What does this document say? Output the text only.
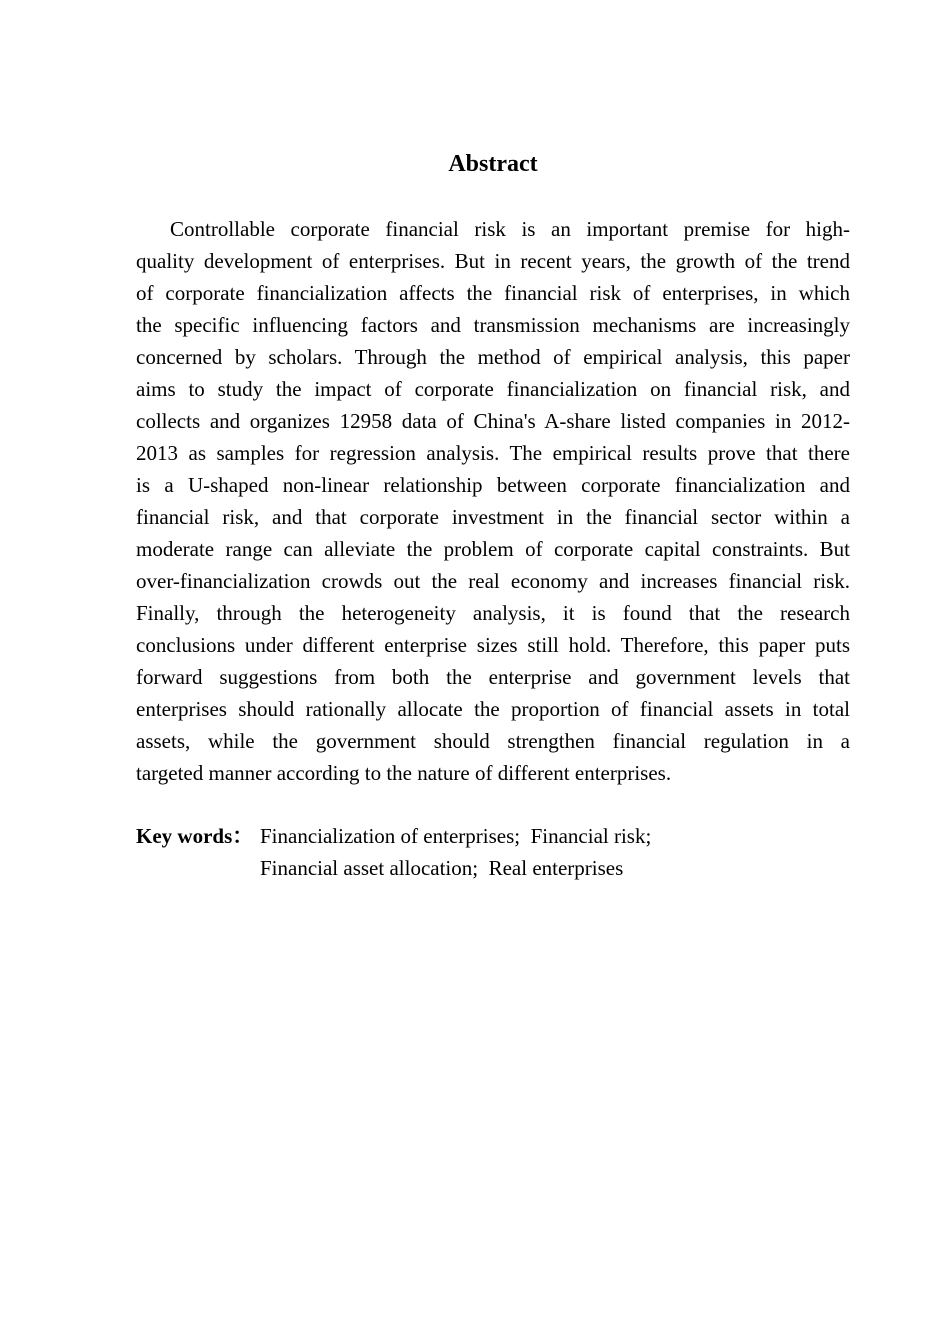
Abstract
Controllable corporate financial risk is an important premise for high-
quality development of enterprises. But in recent years, the growth of the trend
of corporate financialization affects the financial risk of enterprises, in which
the specific influencing factors and transmission mechanisms are increasingly
concerned by scholars. Through the method of empirical analysis, this paper
aims to study the impact of corporate financialization on financial risk, and
collects and organizes 12958 data of China's A-share listed companies in 2012-
2013 as samples for regression analysis. The empirical results prove that there
is a U-shaped non-linear relationship between corporate financialization and
financial risk, and that corporate investment in the financial sector within a
moderate range can alleviate the problem of corporate capital constraints. But
over-financialization crowds out the real economy and increases financial risk.
Finally, through the heterogeneity analysis, it is found that the research
conclusions under different enterprise sizes still hold. Therefore, this paper puts
forward suggestions from both the enterprise and government levels that
enterprises should rationally allocate the proportion of financial assets in total
assets, while the government should strengthen financial regulation in a
targeted manner according to the nature of different enterprises.
Key words： Financialization of enterprises;  Financial risk;
Financial asset allocation;  Real enterprises
